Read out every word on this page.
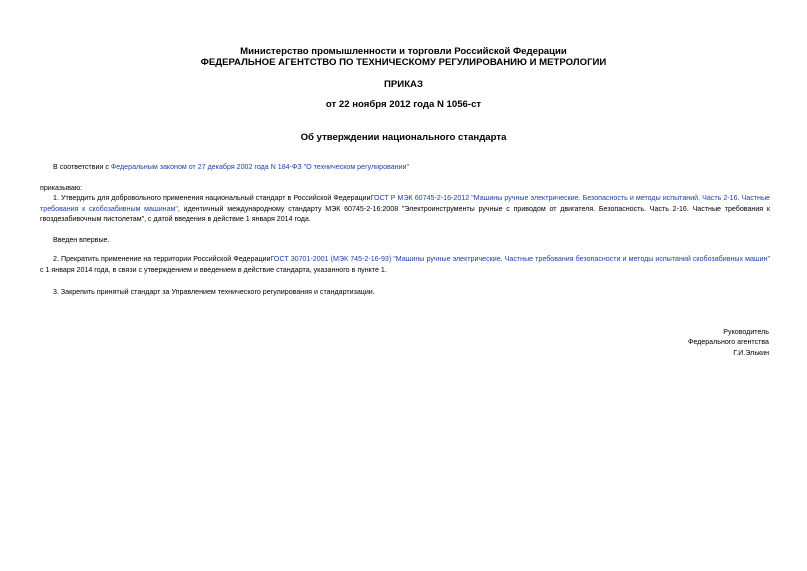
Министерство промышленности и торговли Российской Федерации
ФЕДЕРАЛЬНОЕ АГЕНТСТВО ПО ТЕХНИЧЕСКОМУ РЕГУЛИРОВАНИЮ И МЕТРОЛОГИИ
ПРИКАЗ
от 22 ноября 2012 года N 1056-ст
Об утверждении национального стандарта
В соответствии с Федеральным законом от 27 декабря 2002 года N 184-ФЗ "О техническом регулировании"
приказываю:
1. Утвердить для добровольного применения национальный стандарт в Российской ФедерацииГОСТ Р МЭК 60745-2-16-2012 "Машины ручные электрические. Безопасность и методы испытаний. Часть 2-16. Частные требования к скобозабивным машинам", идентичный международному стандарту МЭК 60745-2-16:2008 "Электроинструменты ручные с приводом от двигателя. Безопасность. Часть 2-16. Частные требования к гвоздезабивочным пистолетам", с датой введения в действие 1 января 2014 года.
Введен впервые.
2. Прекратить применение на территории Российской ФедерацииГОСТ 30701-2001 (МЭК 745-2-16-93) "Машины ручные электрические. Частные требования безопасности и методы испытаний скобозабивных машин" с 1 января 2014 года, в связи с утверждением и введением в действие стандарта, указанного в пункте 1.
3. Закрепить принятый стандарт за Управлением технического регулирования и стандартизации.
Руководитель
Федерального агентства
Г.И.Элькин
